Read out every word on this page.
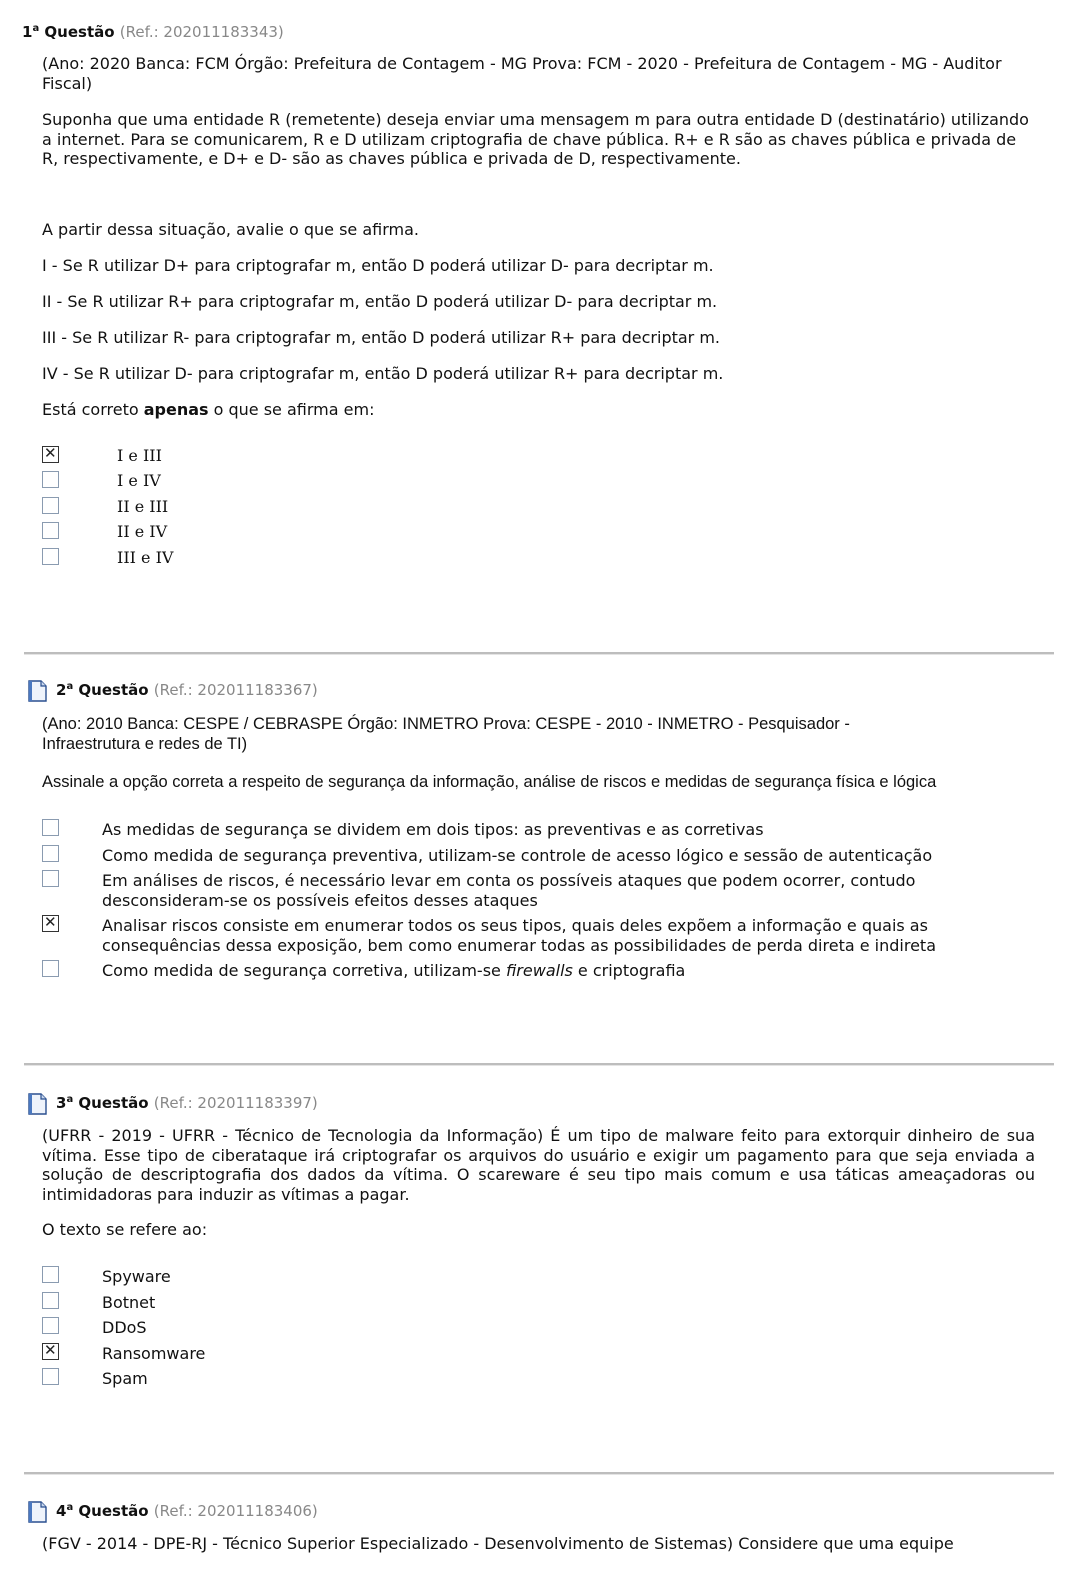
1$^a$ Questão (Ref.: 202011183343)
(Ano: 2020 Banca: FCM Órgão: Prefeitura de Contagem - MG Prova: FCM - 2020 - Prefeitura de Contagem - MG - Auditor Fiscal)
Suponha que uma entidade R (remetente) deseja enviar uma mensagem m para outra entidade D (destinatário) utilizando a internet. Para se comunicarem, R e D utilizam criptografia de chave pública. R+ e R são as chaves pública e privada de R, respectivamente, e D+ e D- são as chaves pública e privada de D, respectivamente.
A partir dessa situação, avalie o que se afirma.
I - Se R utilizar D+ para criptografar m, então D poderá utilizar D- para decriptar m.
II - Se R utilizar R+ para criptografar m, então D poderá utilizar D- para decriptar m.
III - Se R utilizar R- para criptografar m, então D poderá utilizar R+ para decriptar m.
IV - Se R utilizar D- para criptografar m, então D poderá utilizar R+ para decriptar m.
Está correto apenas o que se afirma em:
✕
I e III
I e IV
II e III
II e IV
III e IV
2$^a$ Questão (Ref.: 202011183367)
(Ano: 2010 Banca: CESPE / CEBRASPE Órgão: INMETRO Prova: CESPE - 2010 - INMETRO - Pesquisador - Infraestrutura e redes de TI)
Assinale a opção correta a respeito de segurança da informação, análise de riscos e medidas de segurança física e lógica
As medidas de segurança se dividem em dois tipos: as preventivas e as corretivas
Como medida de segurança preventiva, utilizam-se controle de acesso lógico e sessão de autenticação
Em análises de riscos, é necessário levar em conta os possíveis ataques que podem ocorrer, contudo desconsideram-se os possíveis efeitos desses ataques
✕
Analisar riscos consiste em enumerar todos os seus tipos, quais deles expõem a informação e quais as consequências dessa exposição, bem como enumerar todas as possibilidades de perda direta e indireta
Como medida de segurança corretiva, utilizam-se firewalls e criptografia
3$^a$ Questão (Ref.: 202011183397)
(UFRR - 2019 - UFRR - Técnico de Tecnologia da Informação) É um tipo de malware feito para extorquir dinheiro de sua vítima. Esse tipo de ciberataque irá criptografar os arquivos do usuário e exigir um pagamento para que seja enviada a solução de descriptografia dos dados da vítima. O scareware é seu tipo mais comum e usa táticas ameaçadoras ou intimidadoras para induzir as vítimas a pagar.
O texto se refere ao:
Spyware
Botnet
DDoS
✕
Ransomware
Spam
4$^a$ Questão (Ref.: 202011183406)
(FGV - 2014 - DPE-RJ - Técnico Superior Especializado - Desenvolvimento de Sistemas) Considere que uma equipe
